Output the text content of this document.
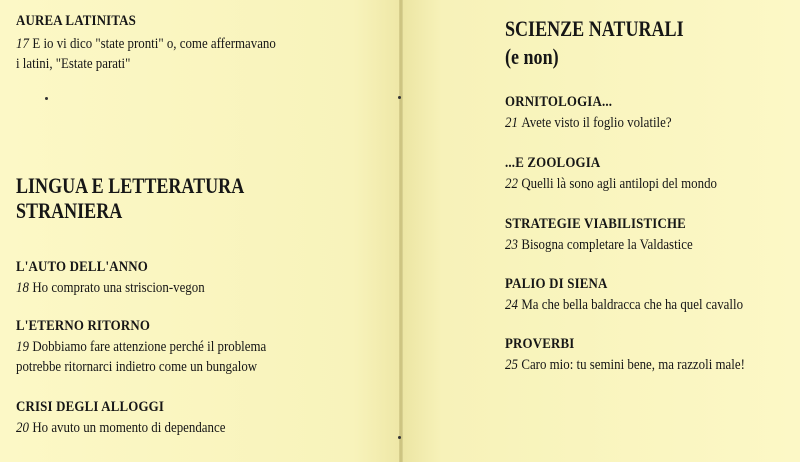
AUREA LATINITAS
17 E io vi dico "state pronti" o, come affermavano
i latini, "Estate parati"
LINGUA E LETTERATURA
STRANIERA
L'AUTO DELL'ANNO
18 Ho comprato una striscion-vegon
L'ETERNO RITORNO
19 Dobbiamo fare attenzione perché il problema
potrebbe ritornarci indietro come un bungalow
CRISI DEGLI ALLOGGI
20 Ho avuto un momento di dependance
SCIENZE NATURALI
(e non)
ORNITOLOGIA...
21 Avete visto il foglio volatile?
...E ZOOLOGIA
22 Quelli là sono agli antilopi del mondo
STRATEGIE VIABILISTICHE
23 Bisogna completare la Valdastice
PALIO DI SIENA
24 Ma che bella baldracca che ha quel cavallo
PROVERBI
25 Caro mio: tu semini bene, ma razzoli male!
